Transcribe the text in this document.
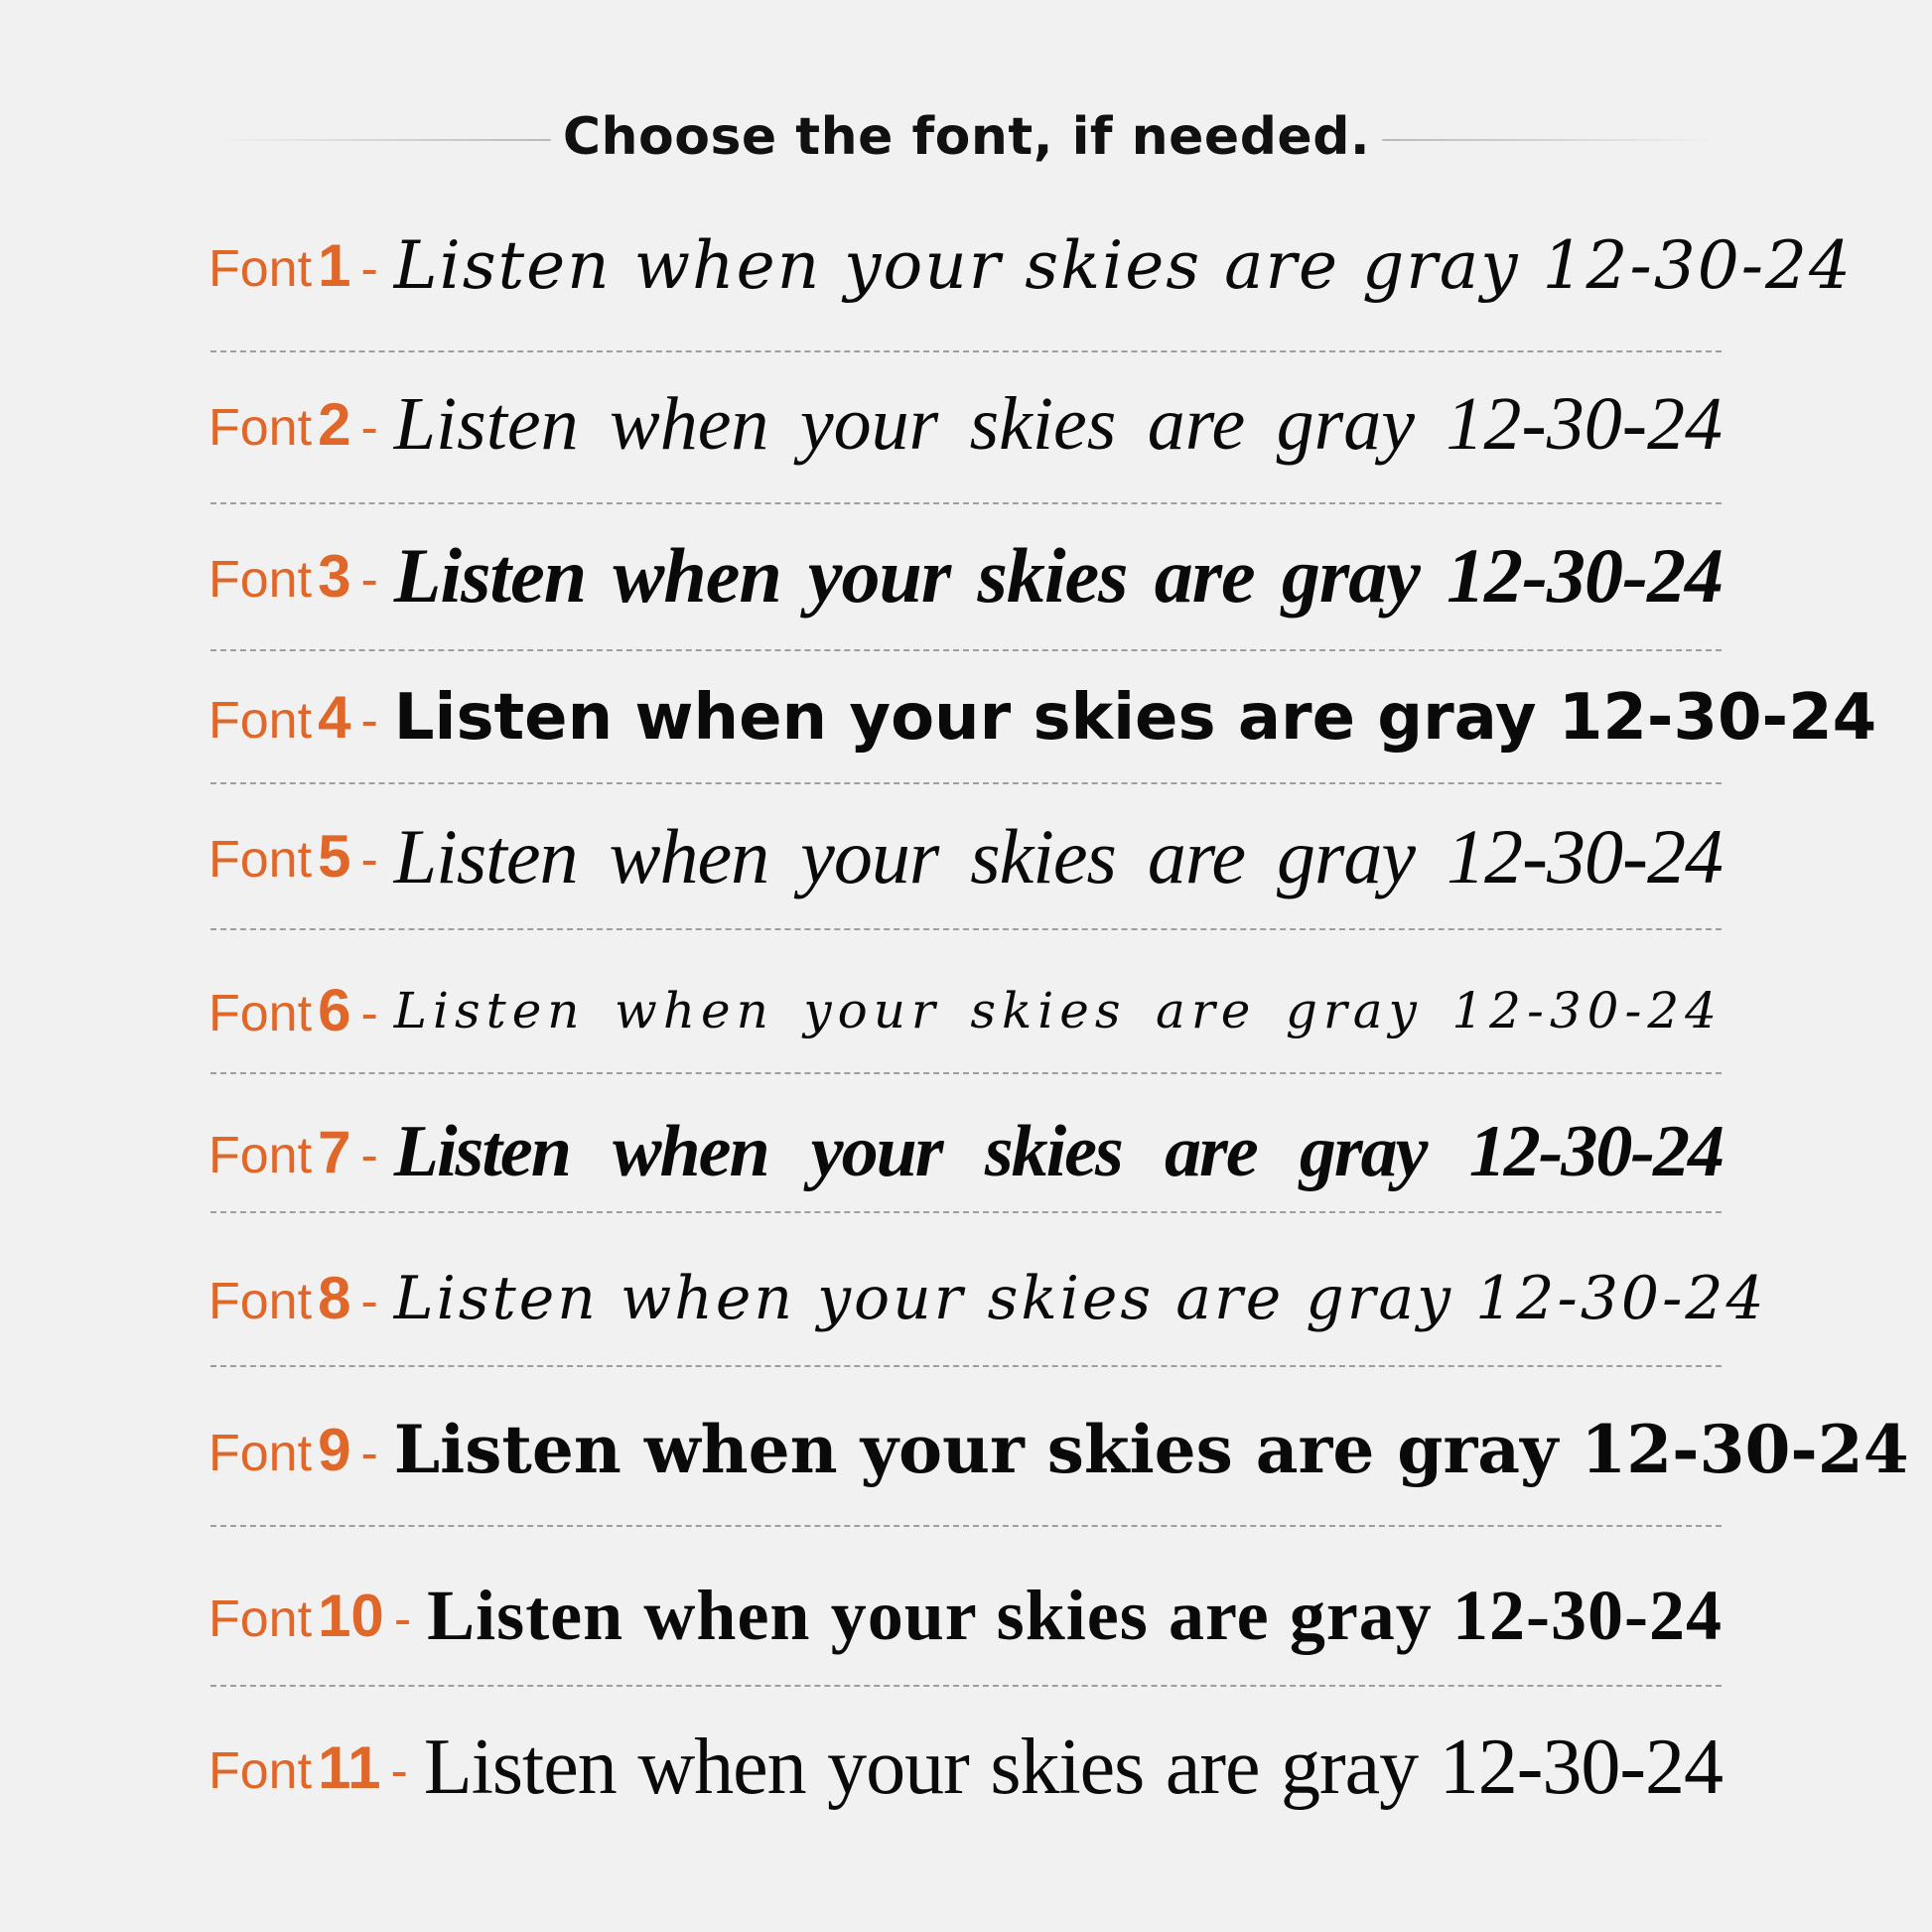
Choose the font, if needed.
Font 1 - Listen when your skies are gray 12-30-24
Font 2 - Listen when your skies are gray 12-30-24
Font 3 - Listen when your skies are gray 12-30-24
Font 4 - Listen when your skies are gray 12-30-24
Font 5 - Listen when your skies are gray 12-30-24
Font 6 - Listen when your skies are gray 12-30-24
Font 7 - Listen when your skies are gray 12-30-24
Font 8 - Listen when your skies are gray 12-30-24
Font 9 - Listen when your skies are gray 12-30-24
Font 10 - Listen when your skies are gray 12-30-24
Font 11 - Listen when your skies are gray 12-30-24
